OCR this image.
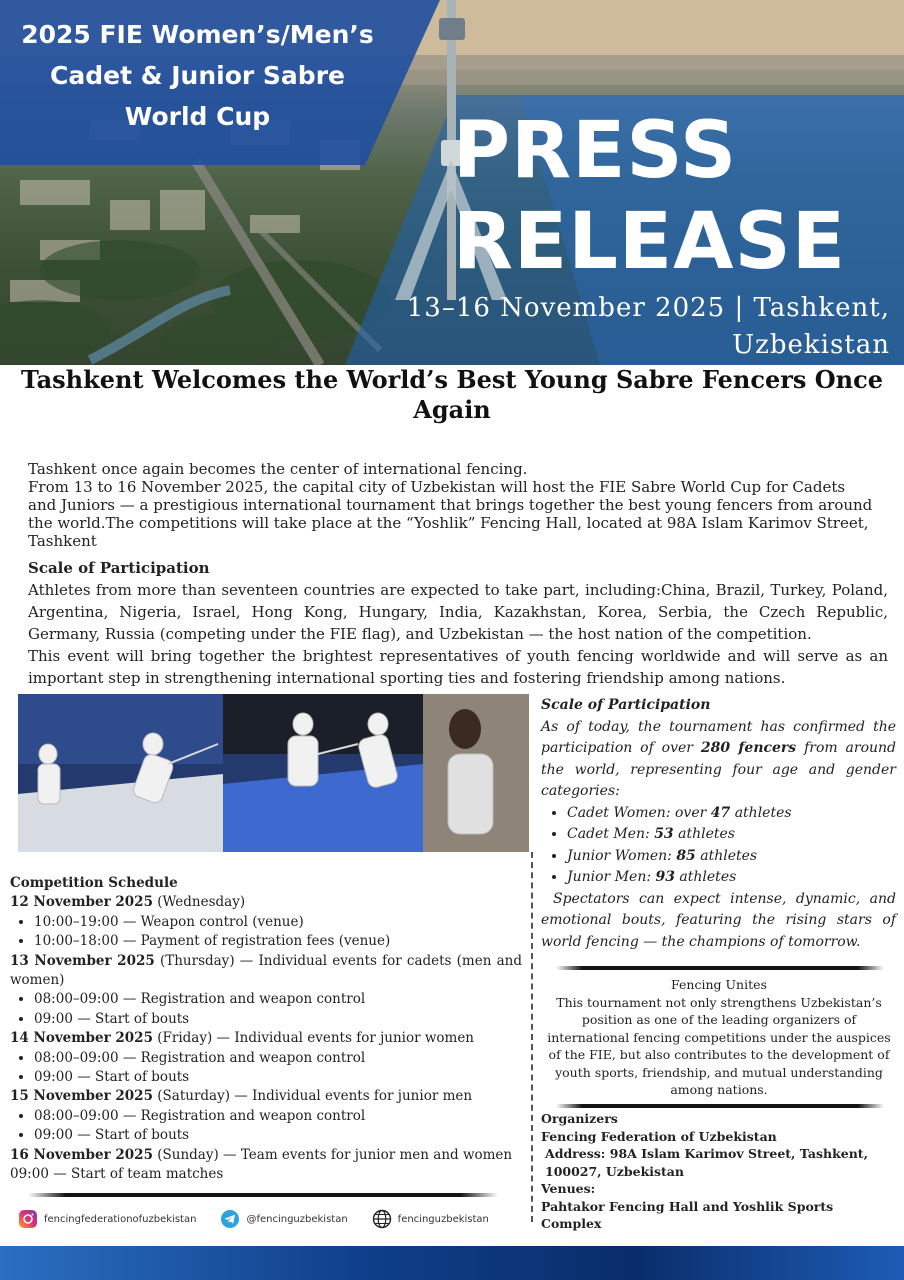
2025 FIE Women’s/Men’s
Cadet & Junior Sabre
World Cup	PRESS
RELEASE
13–16 November 2025 | Tashkent,
Uzbekistan
Tashkent Welcomes the World’s Best Young Sabre Fencers Once Again
Tashkent once again becomes the center of international fencing.
From 13 to 16 November 2025, the capital city of Uzbekistan will host the FIE Sabre World Cup for Cadets and Juniors — a prestigious international tournament that brings together the best young fencers from around the world.The competitions will take place at the “Yoshlik” Fencing Hall, located at 98A Islam Karimov Street, Tashkent
Scale of Participation
Athletes from more than seventeen countries are expected to take part, including:China, Brazil, Turkey, Poland, Argentina, Nigeria, Israel, Hong Kong, Hungary, India, Kazakhstan, Korea, Serbia, the Czech Republic, Germany, Russia (competing under the FIE flag), and Uzbekistan — the host nation of the competition.
This event will bring together the brightest representatives of youth fencing worldwide and will serve as an important step in strengthening international sporting ties and fostering friendship among nations.
Scale of Participation
As of today, the tournament has confirmed the participation of over 280 fencers from around the world, representing four age and gender categories:
• Cadet Women: over 47 athletes
• Cadet Men: 53 athletes
• Junior Women: 85 athletes
• Junior Men: 93 athletes
Spectators can expect intense, dynamic, and emotional bouts, featuring the rising stars of world fencing — the champions of tomorrow.
Competition Schedule
12 November 2025 (Wednesday)
• 10:00–19:00 — Weapon control (venue)
• 10:00–18:00 — Payment of registration fees (venue)
13 November 2025 (Thursday) — Individual events for cadets (men and women)
• 08:00–09:00 — Registration and weapon control
• 09:00 — Start of bouts
14 November 2025 (Friday) — Individual events for junior women
• 08:00–09:00 — Registration and weapon control
• 09:00 — Start of bouts
15 November 2025 (Saturday) — Individual events for junior men
• 08:00–09:00 — Registration and weapon control
• 09:00 — Start of bouts
16 November 2025 (Sunday) — Team events for junior men and women
09:00 — Start of team matches
Fencing Unites
This tournament not only strengthens Uzbekistan’s position as one of the leading organizers of international fencing competitions under the auspices of the FIE, but also contributes to the development of youth sports, friendship, and mutual understanding among nations.
Organizers
Fencing Federation of Uzbekistan
Address: 98A Islam Karimov Street, Tashkent, 100027, Uzbekistan
Venues:
Pahtakor Fencing Hall and Yoshlik Sports Complex
fencingfederationofuzbekistan	@fencinguzbekistan	fencinguzbekistan
